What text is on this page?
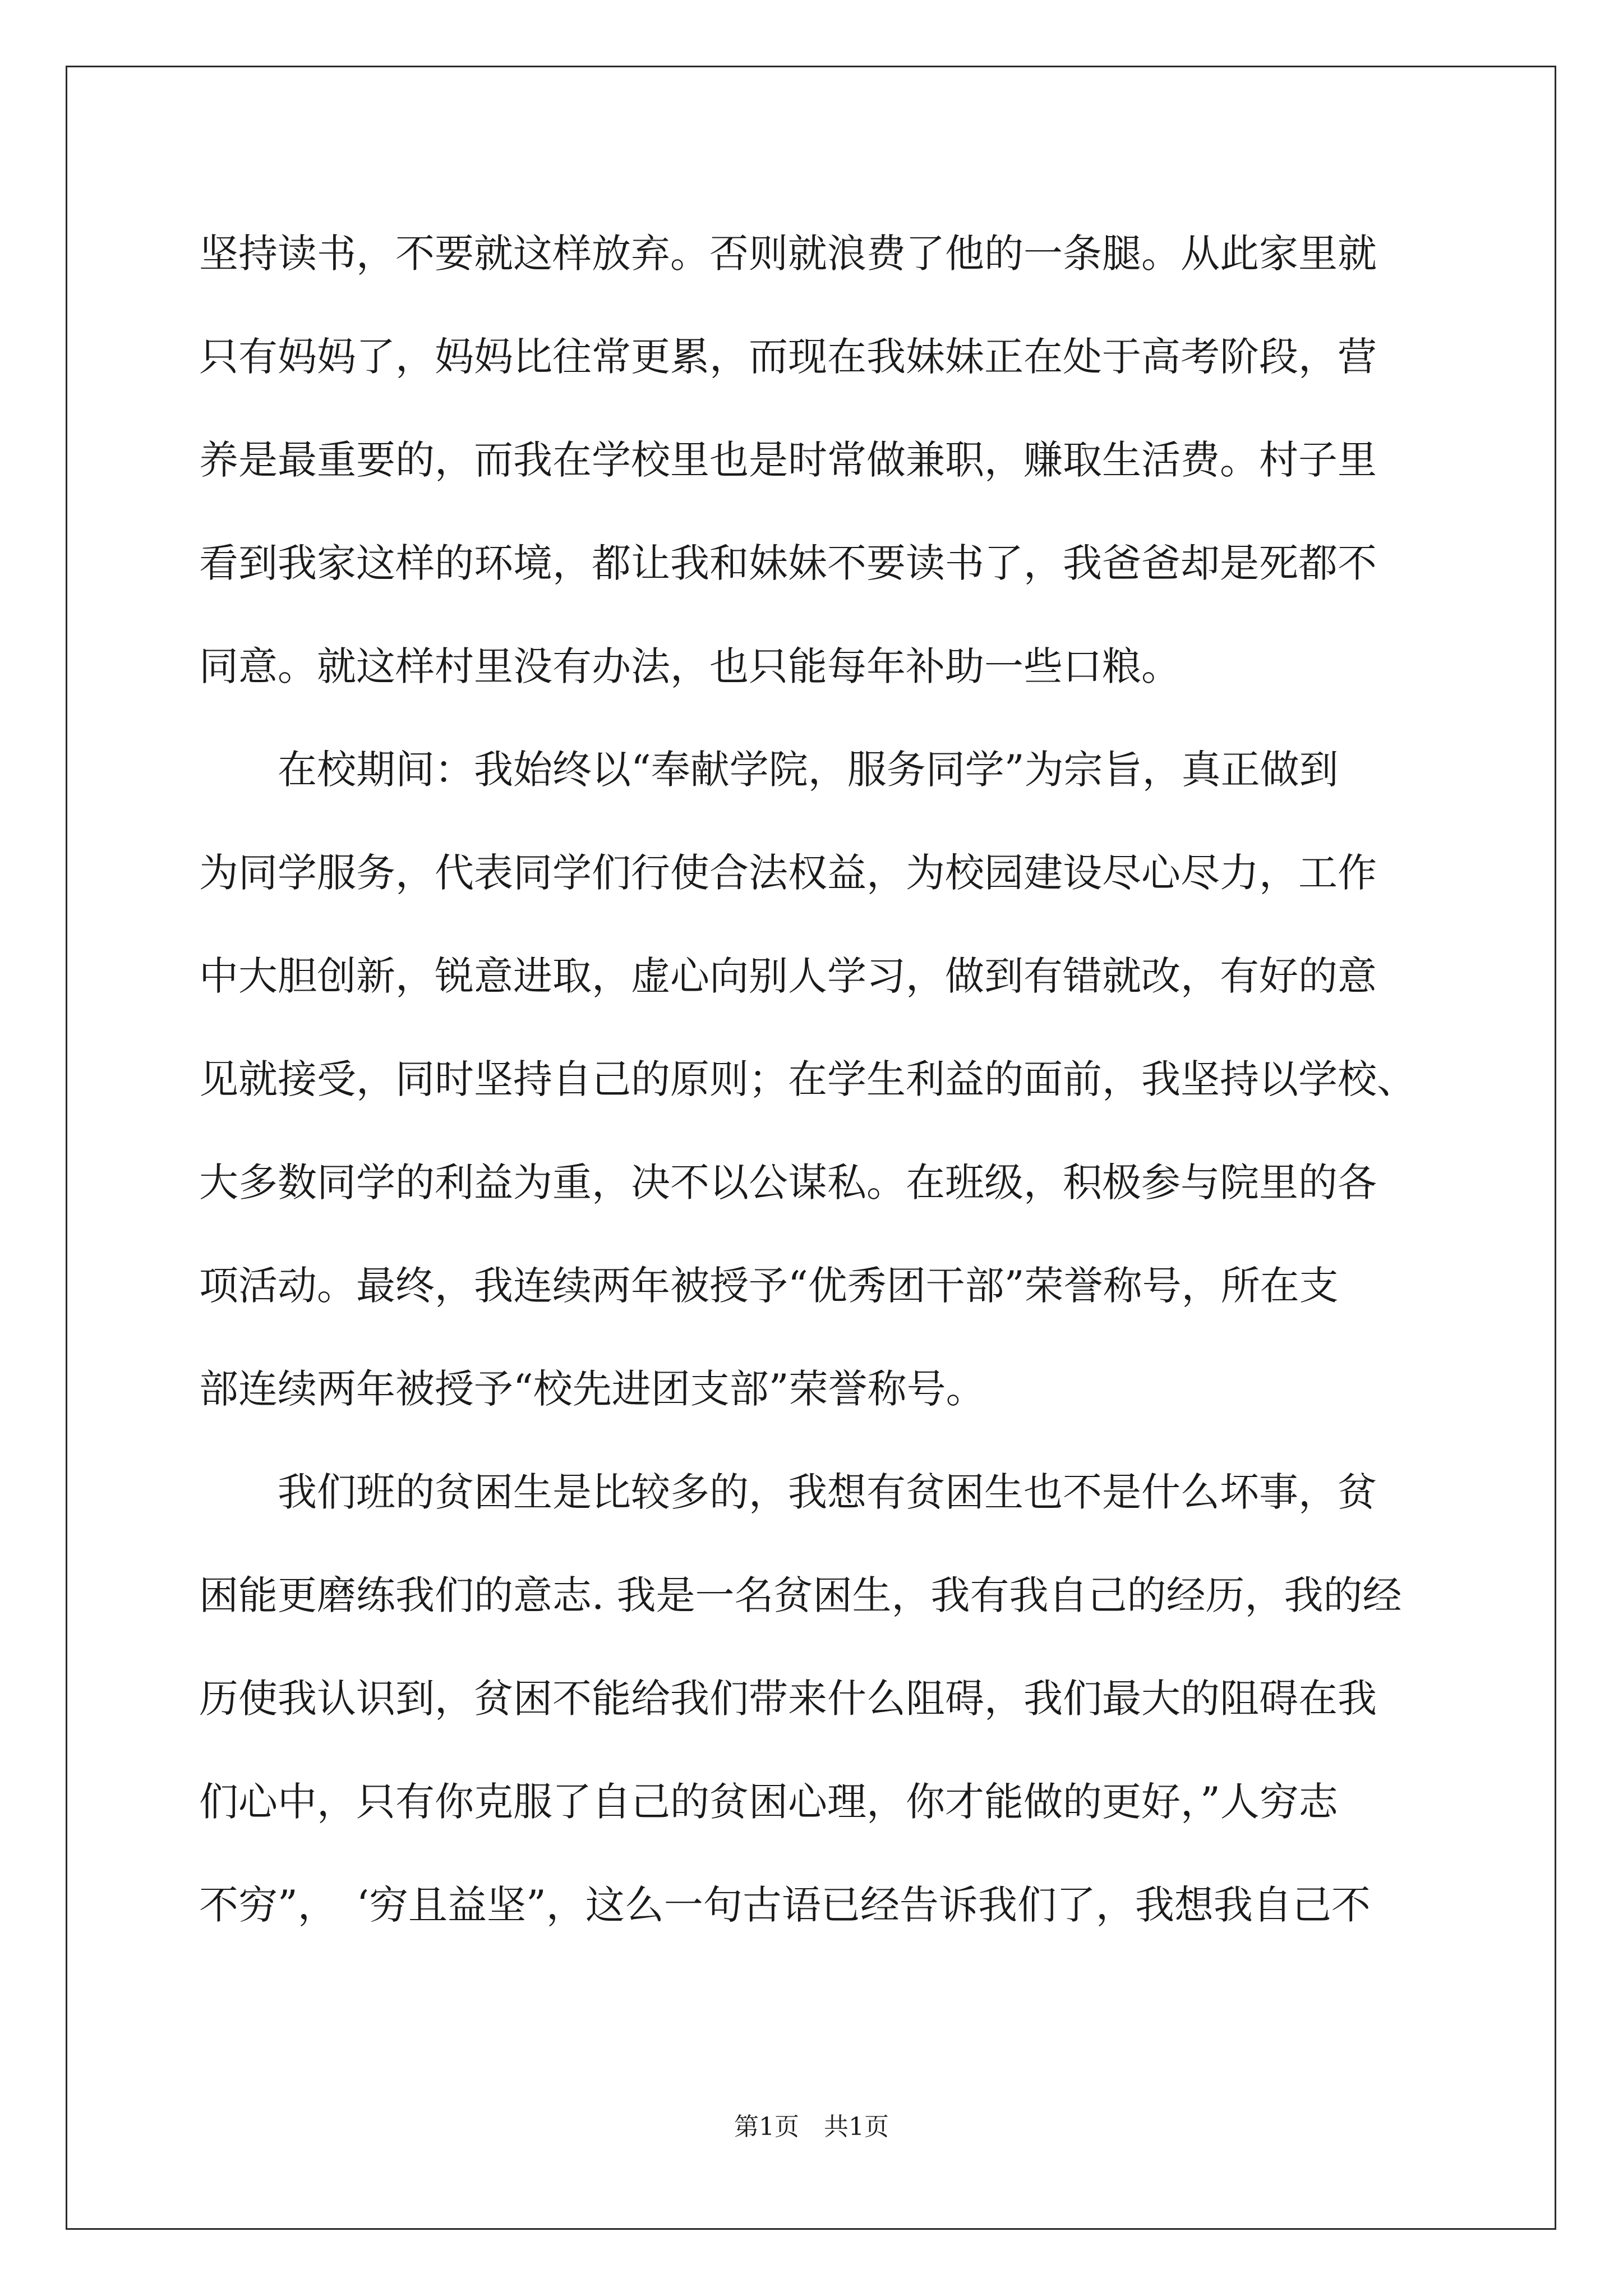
坚持读书，不要就这样放弃。否则就浪费了他的一条腿。从此家里就
只有妈妈了，妈妈比往常更累，而现在我妹妹正在处于高考阶段，营
养是最重要的，而我在学校里也是时常做兼职，赚取生活费。村子里
看到我家这样的环境，都让我和妹妹不要读书了，我爸爸却是死都不
同意。就这样村里没有办法，也只能每年补助一些口粮。
　　在校期间：我始终以“奉献学院，服务同学”为宗旨，真正做到
为同学服务，代表同学们行使合法权益，为校园建设尽心尽力，工作
中大胆创新，锐意进取，虚心向别人学习，做到有错就改，有好的意
见就接受，同时坚持自己的原则；在学生利益的面前，我坚持以学校、
大多数同学的利益为重，决不以公谋私。在班级，积极参与院里的各
项活动。最终，我连续两年被授予“优秀团干部”荣誉称号，所在支
部连续两年被授予“校先进团支部”荣誉称号。
　　我们班的贫困生是比较多的，我想有贫困生也不是什么坏事，贫
困能更磨练我们的意志. 我是一名贫困生，我有我自己的经历，我的经
历使我认识到，贫困不能给我们带来什么阻碍，我们最大的阻碍在我
们心中，只有你克服了自己的贫困心理，你才能做的更好，”人穷志
不穷”，　‘穷且益坚”，这么一句古语已经告诉我们了，我想我自己不
第1页　共1页
